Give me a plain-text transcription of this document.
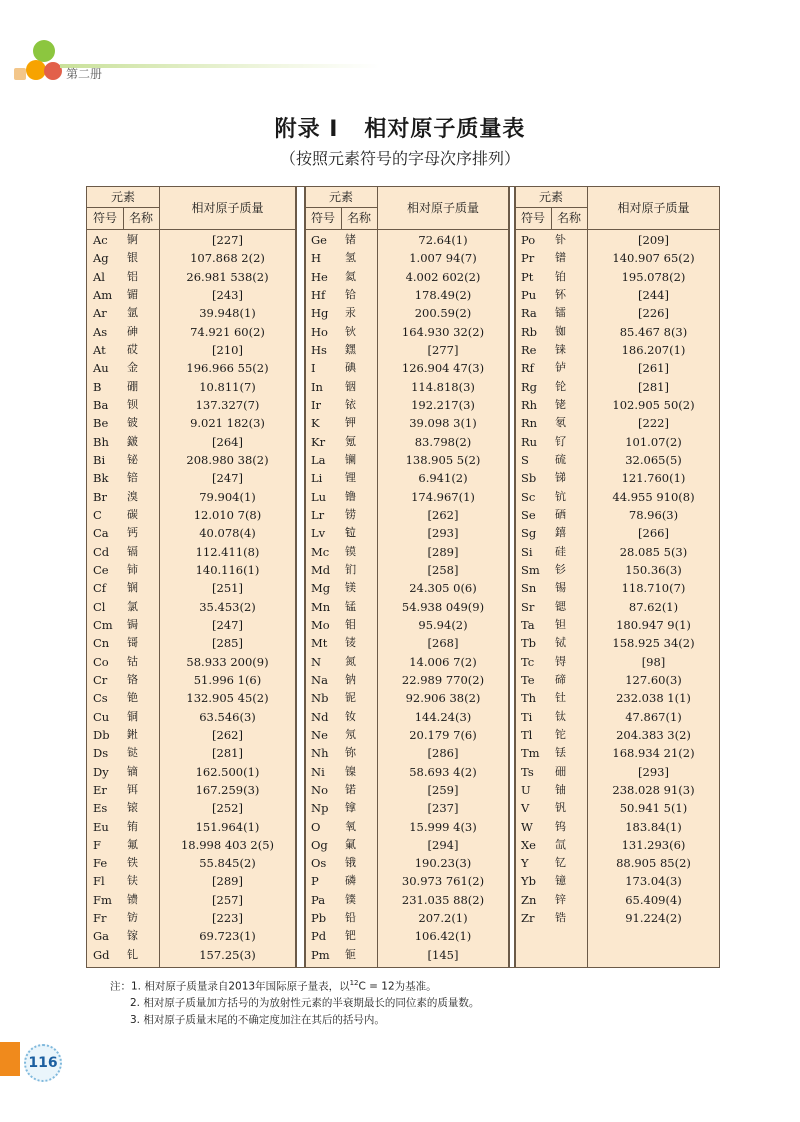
第二册
附录 I 相对原子质量表
（按照元素符号的字母次序排列）
元素
符号 名称
相对原子质量
Ac 锕	[227]
Ag 银	107.868 2(2)
Al 铝	26.981 538(2)
Am 镅	[243]
Ar 氩	39.948(1)
As 砷	74.921 60(2)
At 砹	[210]
Au 金	196.966 55(2)
B 硼	10.811(7)
Ba 钡	137.327(7)
Be 铍	9.021 182(3)
Bh 𨨏	[264]
Bi 铋	208.980 38(2)
Bk 锫	[247]
Br 溴	79.904(1)
C 碳	12.010 7(8)
Ca 钙	40.078(4)
Cd 镉	112.411(8)
Ce 铈	140.116(1)
Cf 锎	[251]
Cl 氯	35.453(2)
Cm 锔	[247]
Cn 鿔	[285]
Co 钴	58.933 200(9)
Cr 铬	51.996 1(6)
Cs 铯	132.905 45(2)
Cu 铜	63.546(3)
Db 𨧀	[262]
Ds 𫟼	[281]
Dy 镝	162.500(1)
Er 铒	167.259(3)
Es 锿	[252]
Eu 铕	151.964(1)
F 氟	18.998 403 2(5)
Fe 铁	55.845(2)
Fl 𫓧	[289]
Fm 镄	[257]
Fr 钫	[223]
Ga 镓	69.723(1)
Gd 钆	157.25(3)
元素
符号 名称
相对原子质量
Ge 锗	72.64(1)
H 氢	1.007 94(7)
He 氦	4.002 602(2)
Hf 铪	178.49(2)
Hg 汞	200.59(2)
Ho 钬	164.930 32(2)
Hs 𨭆	[277]
I	碘	126.904 47(3)
In 铟	114.818(3)
Ir 铱	192.217(3)
K 钾	39.098 3(1)
Kr 氪	83.798(2)
La 镧	138.905 5(2)
Li 锂	6.941(2)
Lu 镥	174.967(1)
Lr 铹	[262]
Lv 𫟷	[293]
Mc 镆	[289]
Md 钔	[258]
Mg 镁	24.305 0(6)
Mn 锰	54.938 049(9)
Mo 钼	95.94(2)
Mt 鿏	[268]
N 氮	14.006 7(2)
Na 钠	22.989 770(2)
Nb 铌	92.906 38(2)
Nd 钕	144.24(3)
Ne 氖	20.179 7(6)
Nh 鿭	[286]
Ni 镍	58.693 4(2)
No 锘	[259]
Np 镎	[237]
O 氧	15.999 4(3)
Og 氭	[294]
Os 锇	190.23(3)
P 磷	30.973 761(2)
Pa 镤	231.035 88(2)
Pb 铅	207.2(1)
Pd 钯	106.42(1)
Pm 钷	[145]
元素
符号 名称
相对原子质量
Po 钋	[209]
Pr 镨	140.907 65(2)
Pt 铂	195.078(2)
Pu 钚	[244]
Ra 镭	[226]
Rb 铷	85.467 8(3)
Re 铼	186.207(1)
Rf 𬬻	[261]
Rg 𬬭	[281]
Rh 铑	102.905 50(2)
Rn 氡	[222]
Ru 钌	101.07(2)
S 硫	32.065(5)
Sb 锑	121.760(1)
Sc 钪	44.955 910(8)
Se 硒	78.96(3)
Sg 𨭎	[266]
Si 硅	28.085 5(3)
Sm 钐	150.36(3)
Sn 锡	118.710(7)
Sr 锶	87.62(1)
Ta 钽	180.947 9(1)
Tb 铽	158.925 34(2)
Tc 锝	[98]
Te 碲	127.60(3)
Th 钍	232.038 1(1)
Ti 钛	47.867(1)
Tl 铊	204.383 3(2)
Tm 铥	168.934 21(2)
Ts 鿬	[293]
U 铀	238.028 91(3)
V 钒	50.941 5(1)
W 钨	183.84(1)
Xe 氙	131.293(6)
Y 钇	88.905 85(2)
Yb 镱	173.04(3)
Zn 锌	65.409(4)
Zr 锆	91.224(2)
注：1. 相对原子质量录自2013年国际原子量表，以$^{12}$C = 12为基准。
2. 相对原子质量加方括号的为放射性元素的半衰期最长的同位素的质量数。
3. 相对原子质量末尾的不确定度加注在其后的括号内。
116
